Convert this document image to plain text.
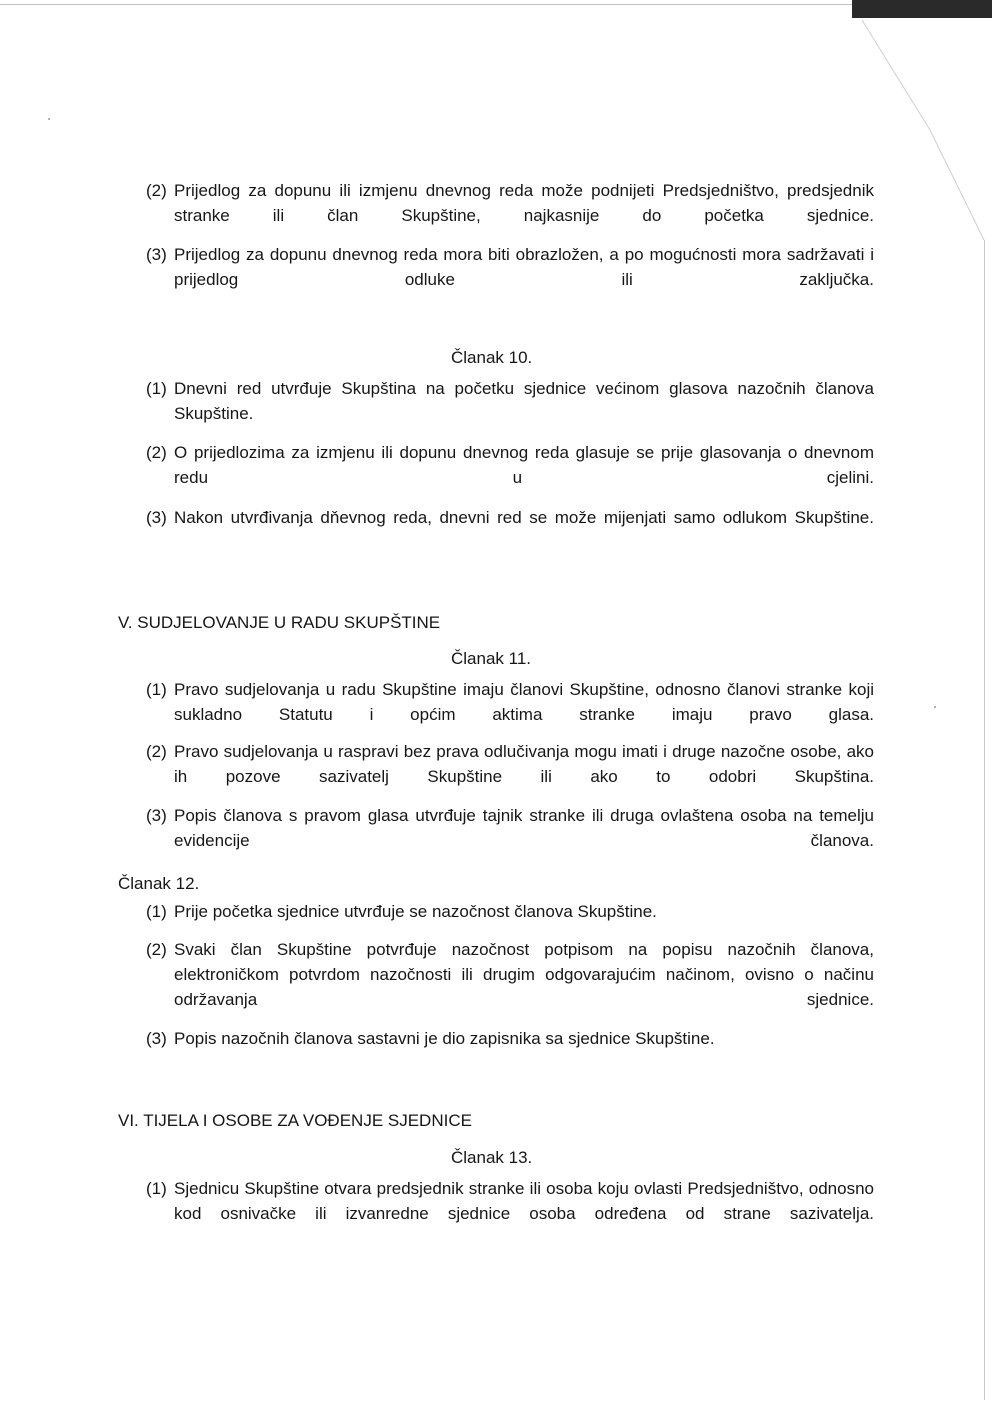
(2) Prijedlog za dopunu ili izmjenu dnevnog reda može podnijeti Predsjedništvo, predsjednik stranke ili član Skupštine, najkasnije do početka sjednice.
(3) Prijedlog za dopunu dnevnog reda mora biti obrazložen, a po mogućnosti mora sadržavati i prijedlog odluke ili zaključka.
Članak 10.
(1) Dnevni red utvrđuje Skupština na početku sjednice većinom glasova nazočnih članova Skupštine.
(2) O prijedlozima za izmjenu ili dopunu dnevnog reda glasuje se prije glasovanja o dnevnom redu u cjelini.
(3) Nakon utvrđivanja dňevnog reda, dnevni red se može mijenjati samo odlukom Skupštine.
V. SUDJELOVANJE U RADU SKUPŠTINE
Članak 11.
(1) Pravo sudjelovanja u radu Skupštine imaju članovi Skupštine, odnosno članovi stranke koji sukladno Statutu i općim aktima stranke imaju pravo glasa.
(2) Pravo sudjelovanja u raspravi bez prava odlučivanja mogu imati i druge nazočne osobe, ako ih pozove sazivatelj Skupštine ili ako to odobri Skupština.
(3) Popis članova s pravom glasa utvrđuje tajnik stranke ili druga ovlaštena osoba na temelju evidencije članova.
Članak 12.
(1) Prije početka sjednice utvrđuje se nazočnost članova Skupštine.
(2) Svaki član Skupštine potvrđuje nazočnost potpisom na popisu nazočnih članova, elektroničkom potvrdom nazočnosti ili drugim odgovarajućim načinom, ovisno o načinu održavanja sjednice.
(3) Popis nazočnih članova sastavni je dio zapisnika sa sjednice Skupštine.
VI. TIJELA I OSOBE ZA VOĐENJE SJEDNICE
Članak 13.
(1) Sjednicu Skupštine otvara predsjednik stranke ili osoba koju ovlasti Predsjedništvo, odnosno kod osnivačke ili izvanredne sjednice osoba određena od strane sazivatelja.
